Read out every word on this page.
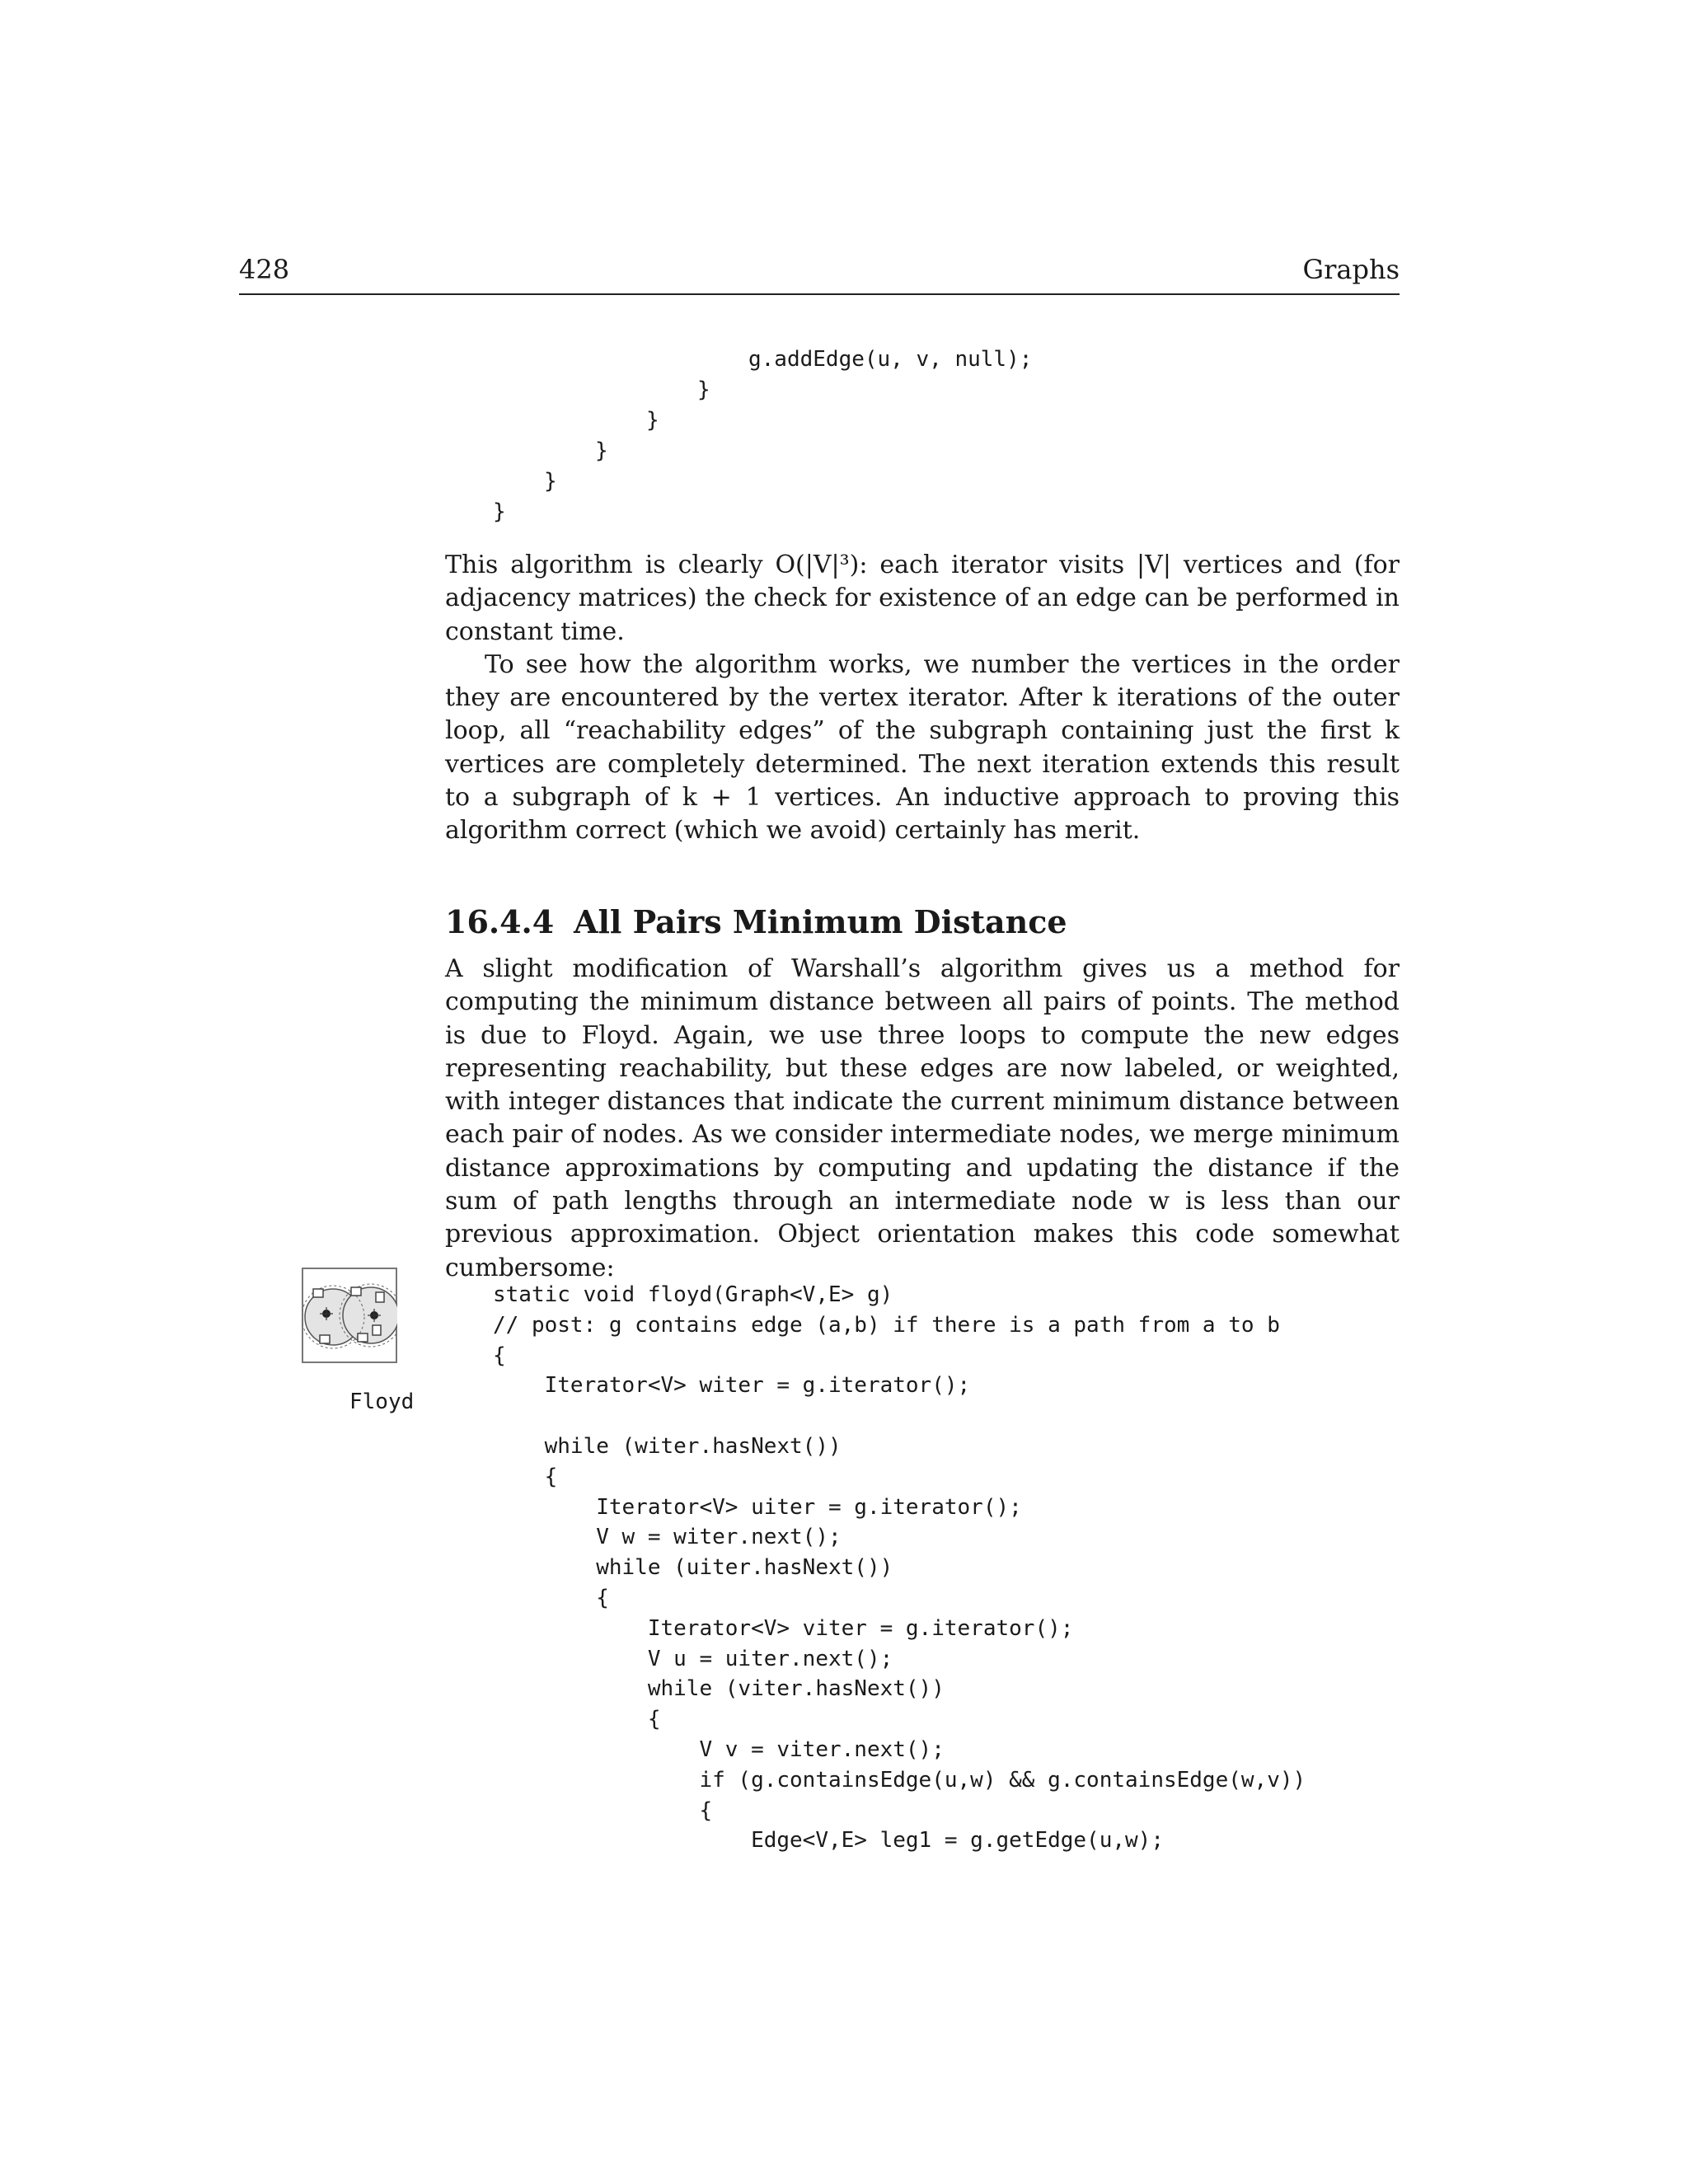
428	Graphs
g.addEdge(u, v, null);
}
}
}
}
}

This algorithm is clearly O(|V|³): each iterator visits |V| vertices and (for adjacency matrices) the check for existence of an edge can be performed in constant time.

To see how the algorithm works, we number the vertices in the order they are encountered by the vertex iterator. After k iterations of the outer loop, all “reachability edges” of the subgraph containing just the first k vertices are completely determined. The next iteration extends this result to a subgraph of k + 1 vertices. An inductive approach to proving this algorithm correct (which we avoid) certainly has merit.

16.4.4 All Pairs Minimum Distance

A slight modification of Warshall’s algorithm gives us a method for computing the minimum distance between all pairs of points. The method is due to Floyd. Again, we use three loops to compute the new edges representing reachability, but these edges are now labeled, or weighted, with integer distances that indicate the current minimum distance between each pair of nodes. As we consider intermediate nodes, we merge minimum distance approximations by computing and updating the distance if the sum of path lengths through an intermediate node w is less than our previous approximation. Object orientation makes this code somewhat cumbersome:

Floyd
static void floyd(Graph<V,E> g)
// post: g contains edge (a,b) if there is a path from a to b
{
Iterator<V> witer = g.iterator();
while (witer.hasNext())
{
Iterator<V> uiter = g.iterator();
V w = witer.next();
while (uiter.hasNext())
{
Iterator<V> viter = g.iterator();
V u = uiter.next();
while (viter.hasNext())
{
V v = viter.next();
if (g.containsEdge(u,w) && g.containsEdge(w,v))
{
Edge<V,E> leg1 = g.getEdge(u,w);
